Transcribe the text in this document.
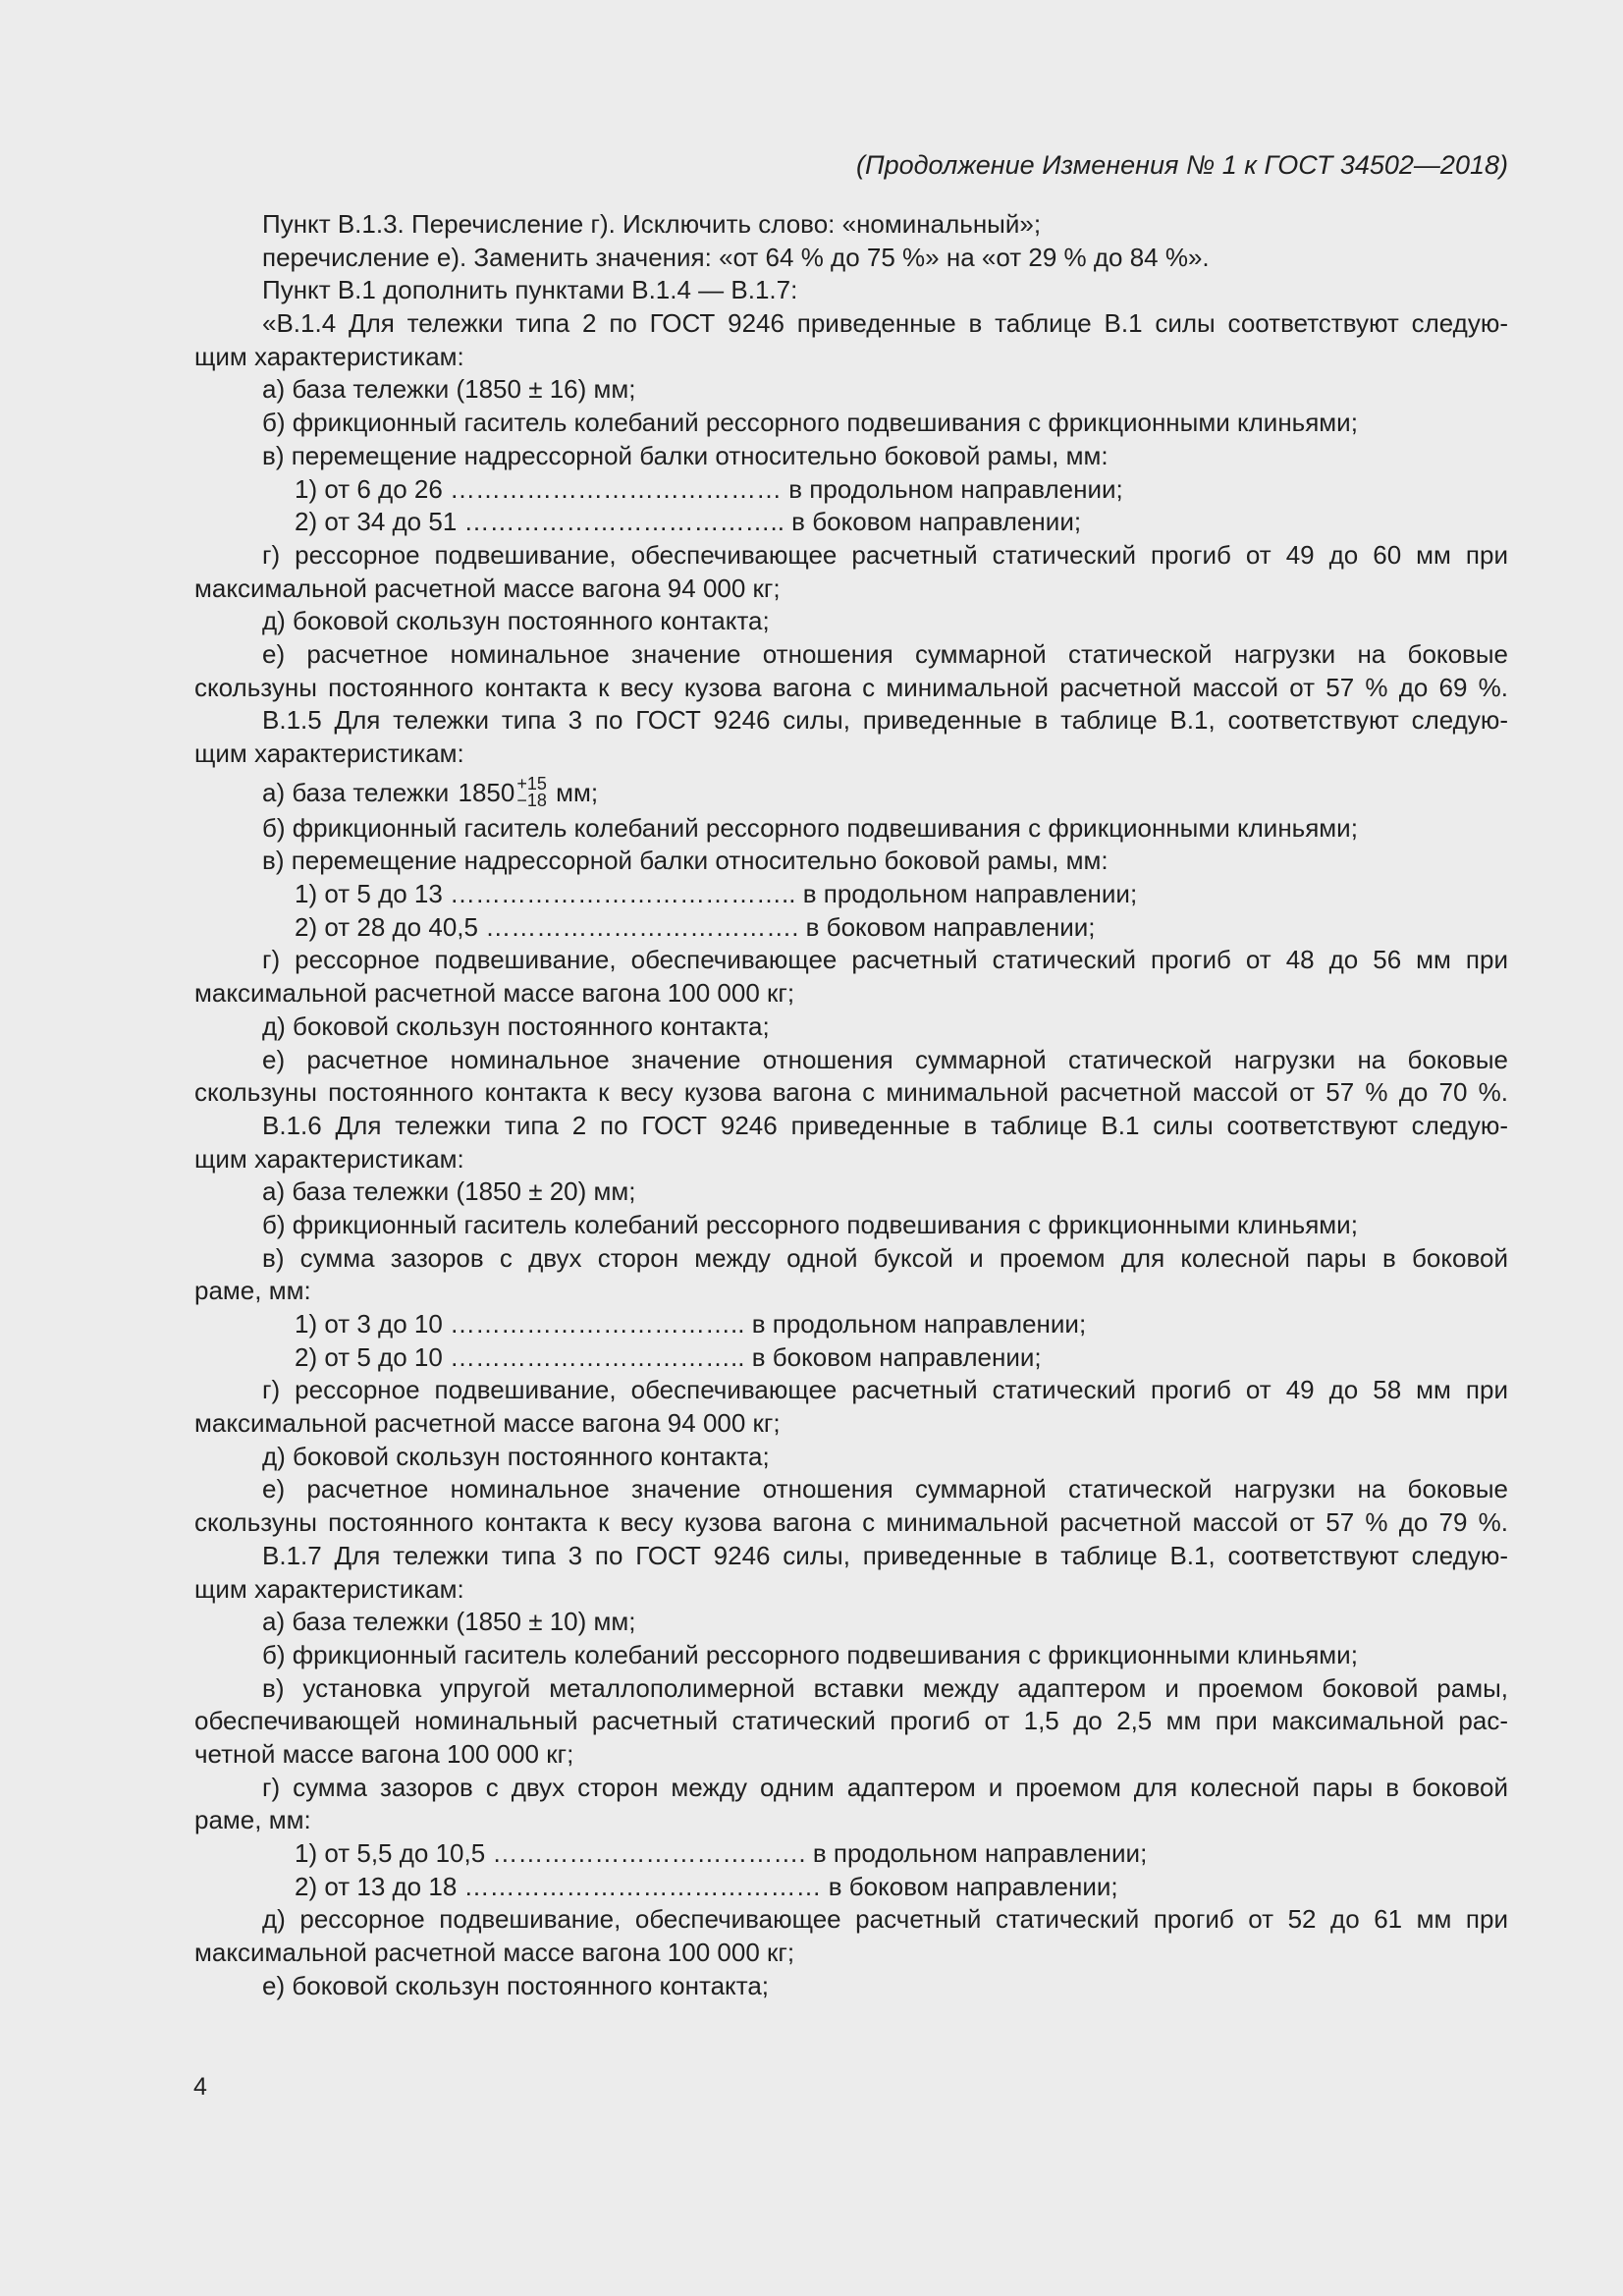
(Продолжение Изменения № 1 к ГОСТ 34502—2018)
Пункт В.1.3. Перечисление г). Исключить слово: «номинальный»;
перечисление е). Заменить значения: «от 64 % до 75 %» на «от 29 % до 84 %».
Пункт В.1 дополнить пунктами В.1.4 — В.1.7:
«В.1.4 Для тележки типа 2 по ГОСТ 9246 приведенные в таблице В.1 силы соответствуют следую-
щим характеристикам:
а) база тележки (1850 ± 16) мм;
б) фрикционный гаситель колебаний рессорного подвешивания с фрикционными клиньями;
в) перемещение надрессорной балки относительно боковой рамы, мм:
1) от 6 до 26 ………………………………… в продольном направлении;
2) от 34 до 51 ……………………………….. в боковом направлении;
г) рессорное подвешивание, обеспечивающее расчетный статический прогиб от 49 до 60 мм при
максимальной расчетной массе вагона 94 000 кг;
д) боковой скользун постоянного контакта;
е) расчетное номинальное значение отношения суммарной статической нагрузки на боковые
скользуны постоянного контакта к весу кузова вагона с минимальной расчетной массой от 57 % до 69 %.
В.1.5 Для тележки типа 3 по ГОСТ 9246 силы, приведенные в таблице В.1, соответствуют следую-
щим характеристикам:
а) база тележки 1850 +15
−18 мм;
б) фрикционный гаситель колебаний рессорного подвешивания с фрикционными клиньями;
в) перемещение надрессорной балки относительно боковой рамы, мм:
1) от 5 до 13 ………………………………….. в продольном направлении;
2) от 28 до 40,5 ………………………………. в боковом направлении;
г) рессорное подвешивание, обеспечивающее расчетный статический прогиб от 48 до 56 мм при
максимальной расчетной массе вагона 100 000 кг;
д) боковой скользун постоянного контакта;
е) расчетное номинальное значение отношения суммарной статической нагрузки на боковые
скользуны постоянного контакта к весу кузова вагона с минимальной расчетной массой от 57 % до 70 %.
В.1.6 Для тележки типа 2 по ГОСТ 9246 приведенные в таблице В.1 силы соответствуют следую-
щим характеристикам:
а) база тележки (1850 ± 20) мм;
б) фрикционный гаситель колебаний рессорного подвешивания с фрикционными клиньями;
в) сумма зазоров с двух сторон между одной буксой и проемом для колесной пары в боковой
раме, мм:
1) от 3 до 10 …………………………….. в продольном направлении;
2) от 5 до 10 …………………………….. в боковом направлении;
г) рессорное подвешивание, обеспечивающее расчетный статический прогиб от 49 до 58 мм при
максимальной расчетной массе вагона 94 000 кг;
д) боковой скользун постоянного контакта;
е) расчетное номинальное значение отношения суммарной статической нагрузки на боковые
скользуны постоянного контакта к весу кузова вагона с минимальной расчетной массой от 57 % до 79 %.
В.1.7 Для тележки типа 3 по ГОСТ 9246 силы, приведенные в таблице В.1, соответствуют следую-
щим характеристикам:
а) база тележки (1850 ± 10) мм;
б) фрикционный гаситель колебаний рессорного подвешивания с фрикционными клиньями;
в) установка упругой металлополимерной вставки между адаптером и проемом боковой рамы,
обеспечивающей номинальный расчетный статический прогиб от 1,5 до 2,5 мм при максимальной рас-
четной массе вагона 100 000 кг;
г) сумма зазоров с двух сторон между одним адаптером и проемом для колесной пары в боковой
раме, мм:
1) от 5,5 до 10,5 ………………………………. в продольном направлении;
2) от 13 до 18 …………………………………… в боковом направлении;
д) рессорное подвешивание, обеспечивающее расчетный статический прогиб от 52 до 61 мм при
максимальной расчетной массе вагона 100 000 кг;
е) боковой скользун постоянного контакта;
4
